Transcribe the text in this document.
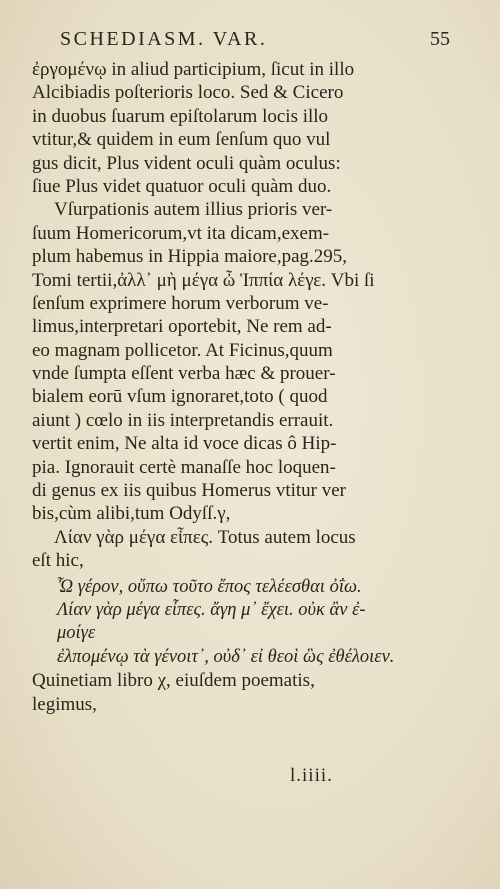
SCHEDIASM. VAR.	55
ἐργομένῳ in aliud participium, ſicut in illo
Alcibiadis poſterioris loco. Sed & Cicero
in duobus ſuarum epiſtolarum locis illo
vtitur,& quidem in eum ſenſum quo vul
gus dicit, Plus vident oculi quàm oculus:
ſiue Plus videt quatuor oculi quàm duo.
Vſurpationis autem illius prioris ver-
ſuum Homericorum,vt ita dicam,exem-
plum habemus in Hippia maiore,pag.295,
Tomi tertii,ἀλλ᾽ μὴ μέγα ὦ Ἱππία λέγε. Vbi ſi
ſenſum exprimere horum verborum ve-
limus,interpretari oportebit, Ne rem ad-
eo magnam pollicetor. At Ficinus,quum
vnde ſumpta eſſent verba hæc & prouer-
bialem eorū vſum ignoraret,toto ( quod
aiunt ) cœlo in iis interpretandis errauit.
vertit enim, Ne alta id voce dicas ô Hip-
pia. Ignorauit certè manaſſe hoc loquen-
di genus ex iis quibus Homerus vtitur ver
bis,cùm alibi,tum Odyſſ.γ,
Λίαν γὰρ μέγα εἶπες. Totus autem locus
eſt hic,
Ὦ γέρον, οὔπω τοῦτο ἔπος τελέεσθαι ὀΐω.
Λίαν γὰρ μέγα εἶπες. ἄγη μ᾽ ἔχει. οὐκ ἂν ἐ-
μοίγε
ἐλπομένῳ τὰ γένοιτ᾽, οὐδ᾽ εἰ θεοὶ ὣς ἐθέλοιεν.
Quinetiam libro χ, eiuſdem poematis,
legimus,
l.iiii.
